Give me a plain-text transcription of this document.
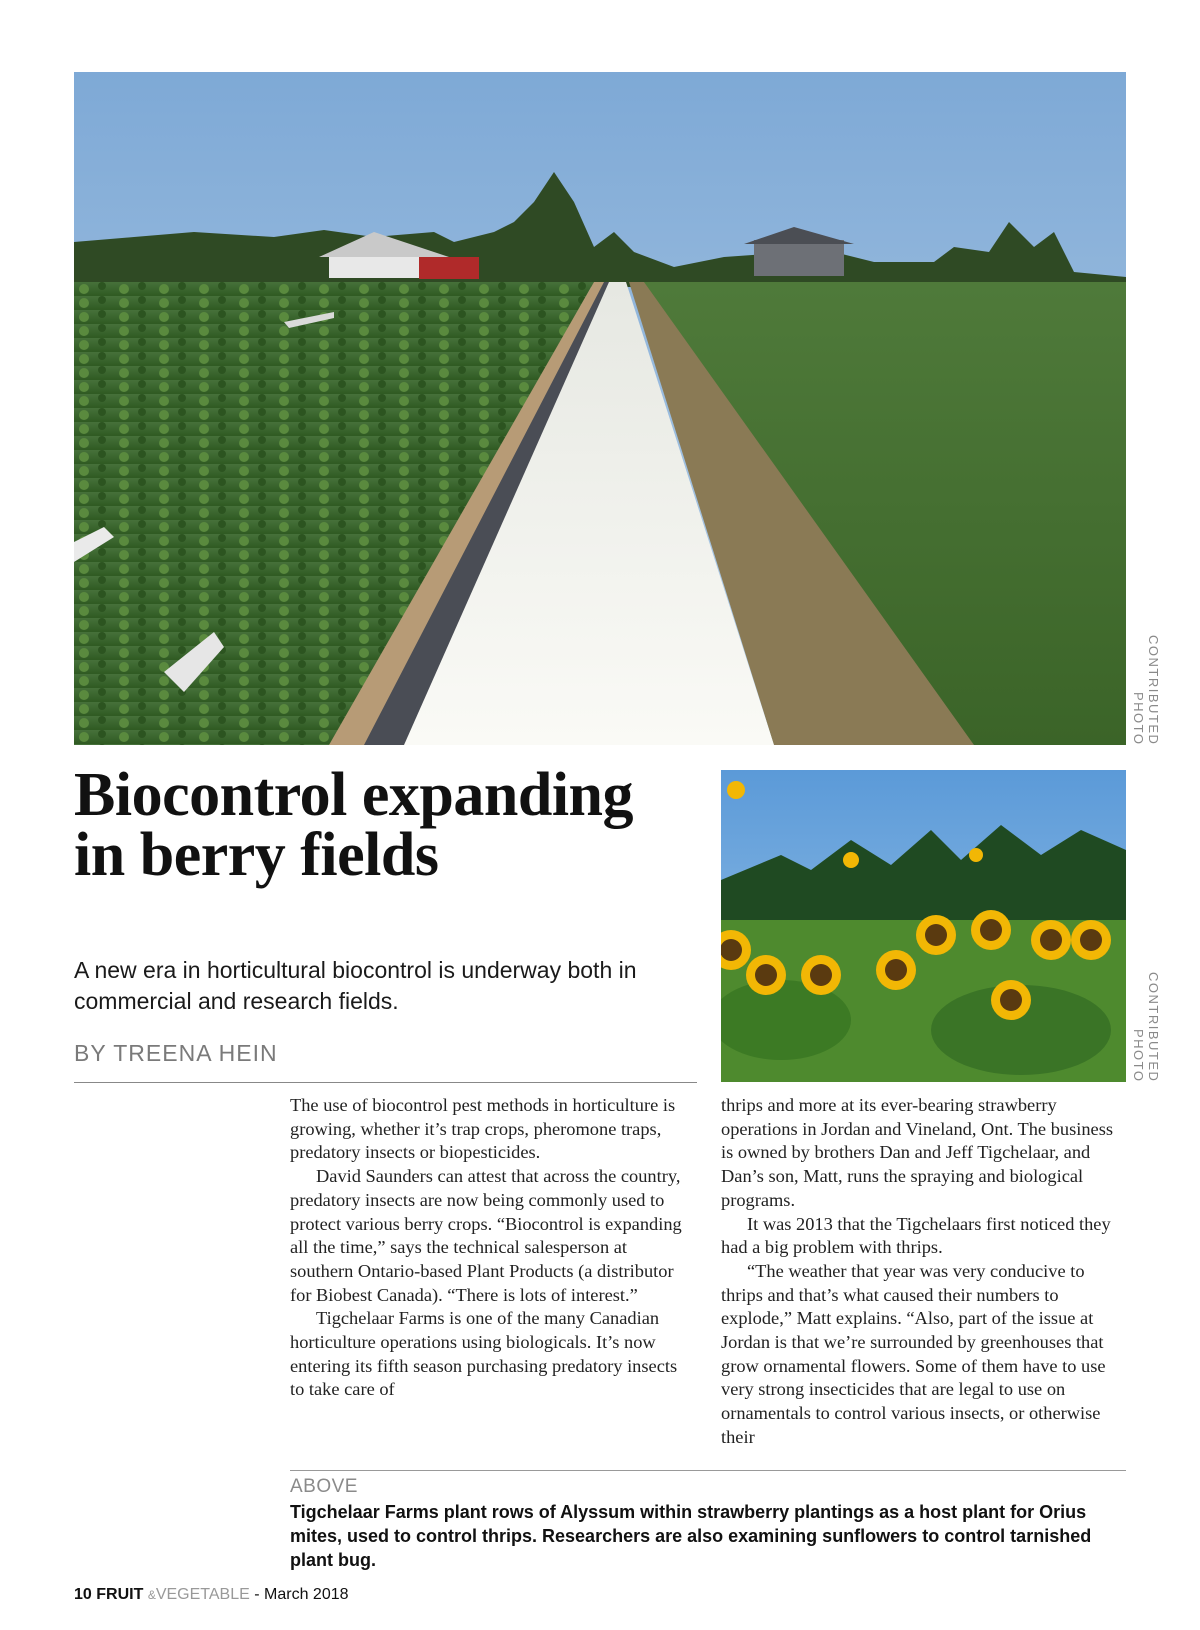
CONTRIBUTED PHOTO
Biocontrol expanding
in berry fields

A new era in horticultural biocontrol is underway both in commercial and research fields.

BY TREENA HEIN	CONTRIBUTED PHOTO

The use of biocontrol pest methods in horticulture is growing, whether it’s trap crops, pheromone traps, predatory insects or biopesticides.

David Saunders can attest that across the country, predatory insects are now being commonly used to protect various berry crops. “Biocontrol is expanding all the time,” says the technical salesperson at southern Ontario-based Plant Products (a distributor for Biobest Canada). “There is lots of interest.”

Tigchelaar Farms is one of the many Canadian horticulture operations using biologicals. It’s now entering its fifth season purchasing predatory insects to take care of

thrips and more at its ever-bearing strawberry operations in Jordan and Vineland, Ont. The business is owned by brothers Dan and Jeff Tigchelaar, and Dan’s son, Matt, runs the spraying and biological programs.

It was 2013 that the Tigchelaars first noticed they had a big problem with thrips.

“The weather that year was very conducive to thrips and that’s what caused their numbers to explode,” Matt explains. “Also, part of the issue at Jordan is that we’re surrounded by greenhouses that grow ornamental flowers. Some of them have to use very strong insecticides that are legal to use on ornamentals to control various insects, or otherwise their

ABOVE

Tigchelaar Farms plant rows of Alyssum within strawberry plantings as a host plant for Orius mites, used to control thrips. Researchers are also examining sunflowers to control tarnished plant bug.

10 FRUIT &VEGETABLE - March 2018
